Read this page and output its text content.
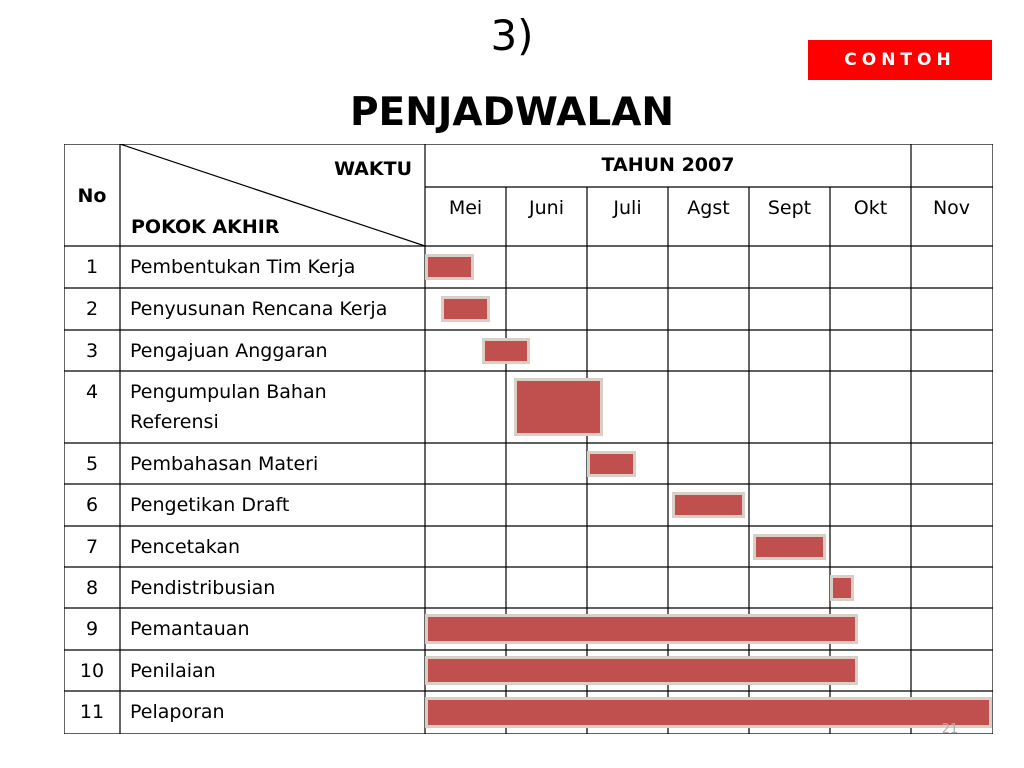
3)	CONTOH
PENJADWALAN
No
WAKTU
POKOK AKHIR
TAHUN 2007
Mei	Juni	Juli	Agst	Sept	Okt	Nov
1	Pembentukan Tim Kerja
2	Penyusunan Rencana Kerja
3	Pengajuan Anggaran
4	Pengumpulan Bahan
Referensi
5	Pembahasan Materi
6	Pengetikan Draft
7	Pencetakan
8	Pendistribusian
9	Pemantauan
10	Penilaian
11	Pelaporan
21
